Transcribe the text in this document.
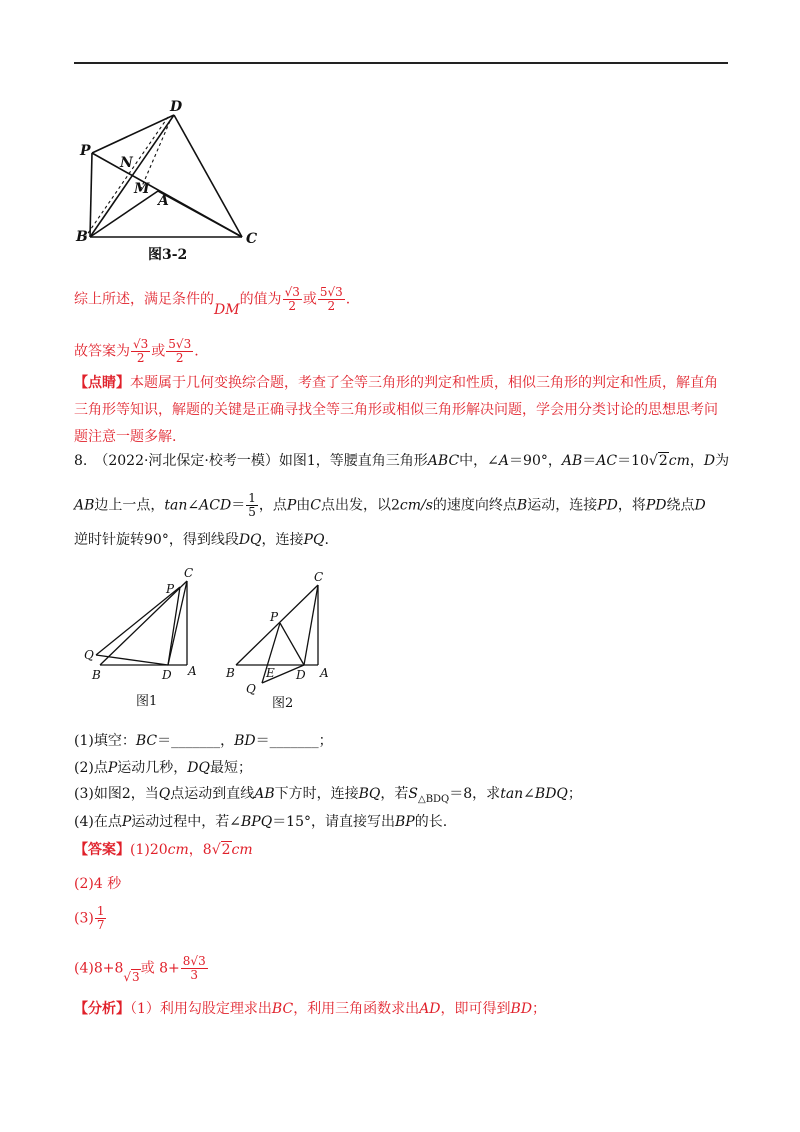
D
P
N
M
A
B	C
图3-2
综上所述，满足条件的DM的值为 $\frac{√3}{2}$ 或 $\frac{5√3}{2}$ .
故答案为 $\frac{√3}{2}$ 或 $\frac{5√3}{2}$ .
【点睛】本题属于几何变换综合题，考查了全等三角形的判定和性质，相似三角形的判定和性质，解直角三角形等知识，解题的关键是正确寻找全等三角形或相似三角形解决问题，学会用分类讨论的思想思考问题注意一题多解.
8.　（2022·河北保定·校考一模）如图1，等腰直角三角形ABC中，∠A＝90°，AB＝AC＝10√2cm，D为
AB边上一点，tan∠ACD＝ $\frac{1}{5}$ ，点P由C点出发，以2cm/s的速度向终点B运动，连接PD，将PD绕点D
逆时针旋转90°，得到线段DQ，连接PQ.
C
P
Q
B	D A
图1
C
P
B	E D A
Q
图2
(1)填空：BC＝_______，BD＝_______；
(2)点P运动几秒，DQ最短；
(3)如图2，当Q点运动到直线AB下方时，连接BQ，若$S_{\triangle BDQ}=8$，求tan∠BDQ；
(4)在点P运动过程中，若∠BPQ＝15°，请直接写出BP的长.
【答案】(1)20cm，8√2cm
(2)4 秒
$(3) \frac{1}{7}$
(4)8+8√3或 $8+ \frac{8√3}{3}$
【分析】（1）利用勾股定理求出BC，利用三角函数求出AD，即可得到BD；
